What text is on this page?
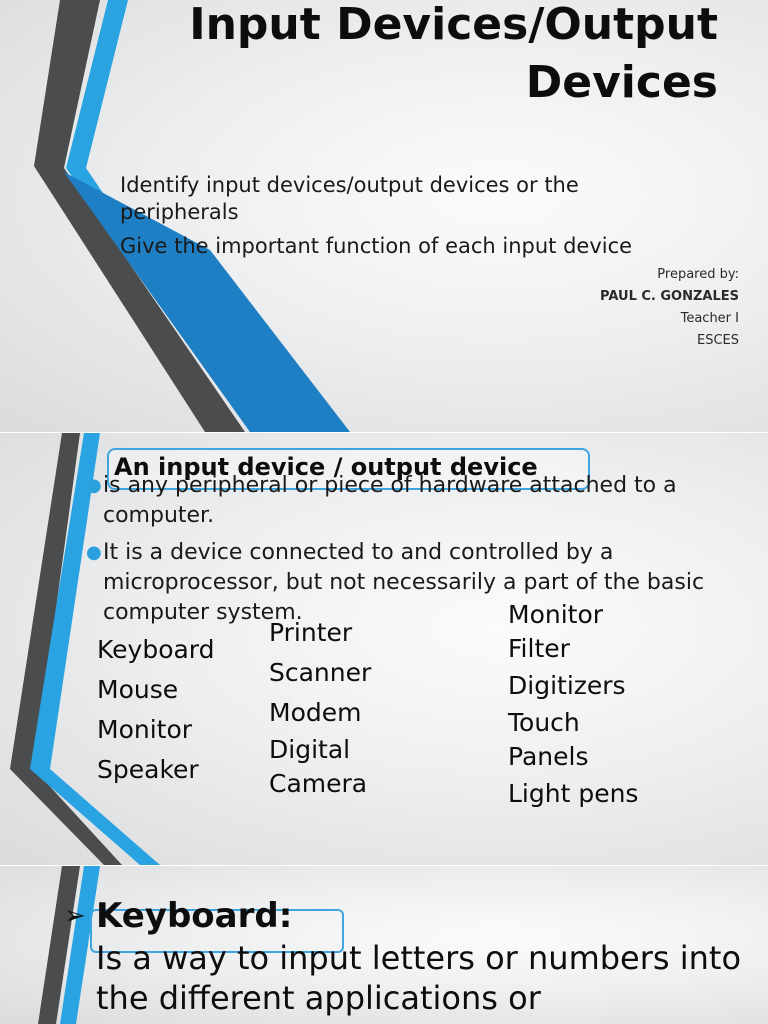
Input Devices/Output Devices
Identify input devices/output devices or the peripherals
Give the important function of each input device
Prepared by:
PAUL C. GONZALES
Teacher I
ESCES
An input device / output device
● is any peripheral or piece of hardware attached to a computer.
● It is a device connected to and controlled by a microprocessor, but not necessarily a part of the basic computer system.
Keyboard
Mouse
Monitor
Speaker
Printer
Scanner
Modem
Digital
Camera
Monitor
Filter
Digitizers
Touch
Panels
Light pens
➢ Keyboard:
Is a way to input letters or numbers into the different applications or
